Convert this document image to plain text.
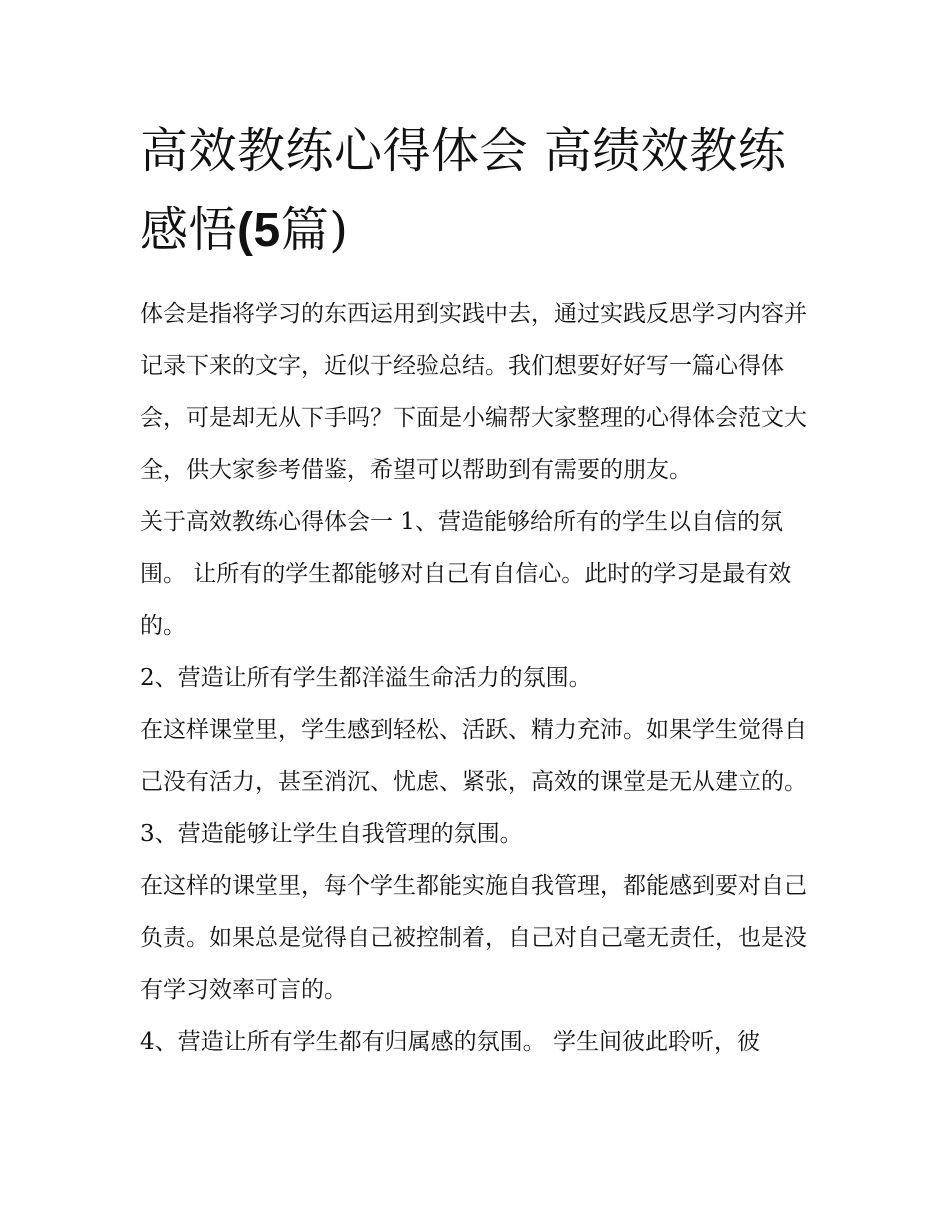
高效教练心得体会 高绩效教练感悟(5篇)

体会是指将学习的东西运用到实践中去，通过实践反思学习内容并记录下来的文字，近似于经验总结。我们想要好好写一篇心得体会，可是却无从下手吗？下面是小编帮大家整理的心得体会范文大全，供大家参考借鉴，希望可以帮助到有需要的朋友。

关于高效教练心得体会一 1、营造能够给所有的学生以自信的氛围。 让所有的学生都能够对自己有自信心。此时的学习是最有效的。

2、营造让所有学生都洋溢生命活力的氛围。

在这样课堂里，学生感到轻松、活跃、精力充沛。如果学生觉得自己没有活力，甚至消沉、忧虑、紧张，高效的课堂是无从建立的。 3、营造能够让学生自我管理的氛围。

在这样的课堂里，每个学生都能实施自我管理，都能感到要对自己负责。如果总是觉得自己被控制着，自己对自己毫无责任，也是没有学习效率可言的。

4、营造让所有学生都有归属感的氛围。 学生间彼此聆听，彼
